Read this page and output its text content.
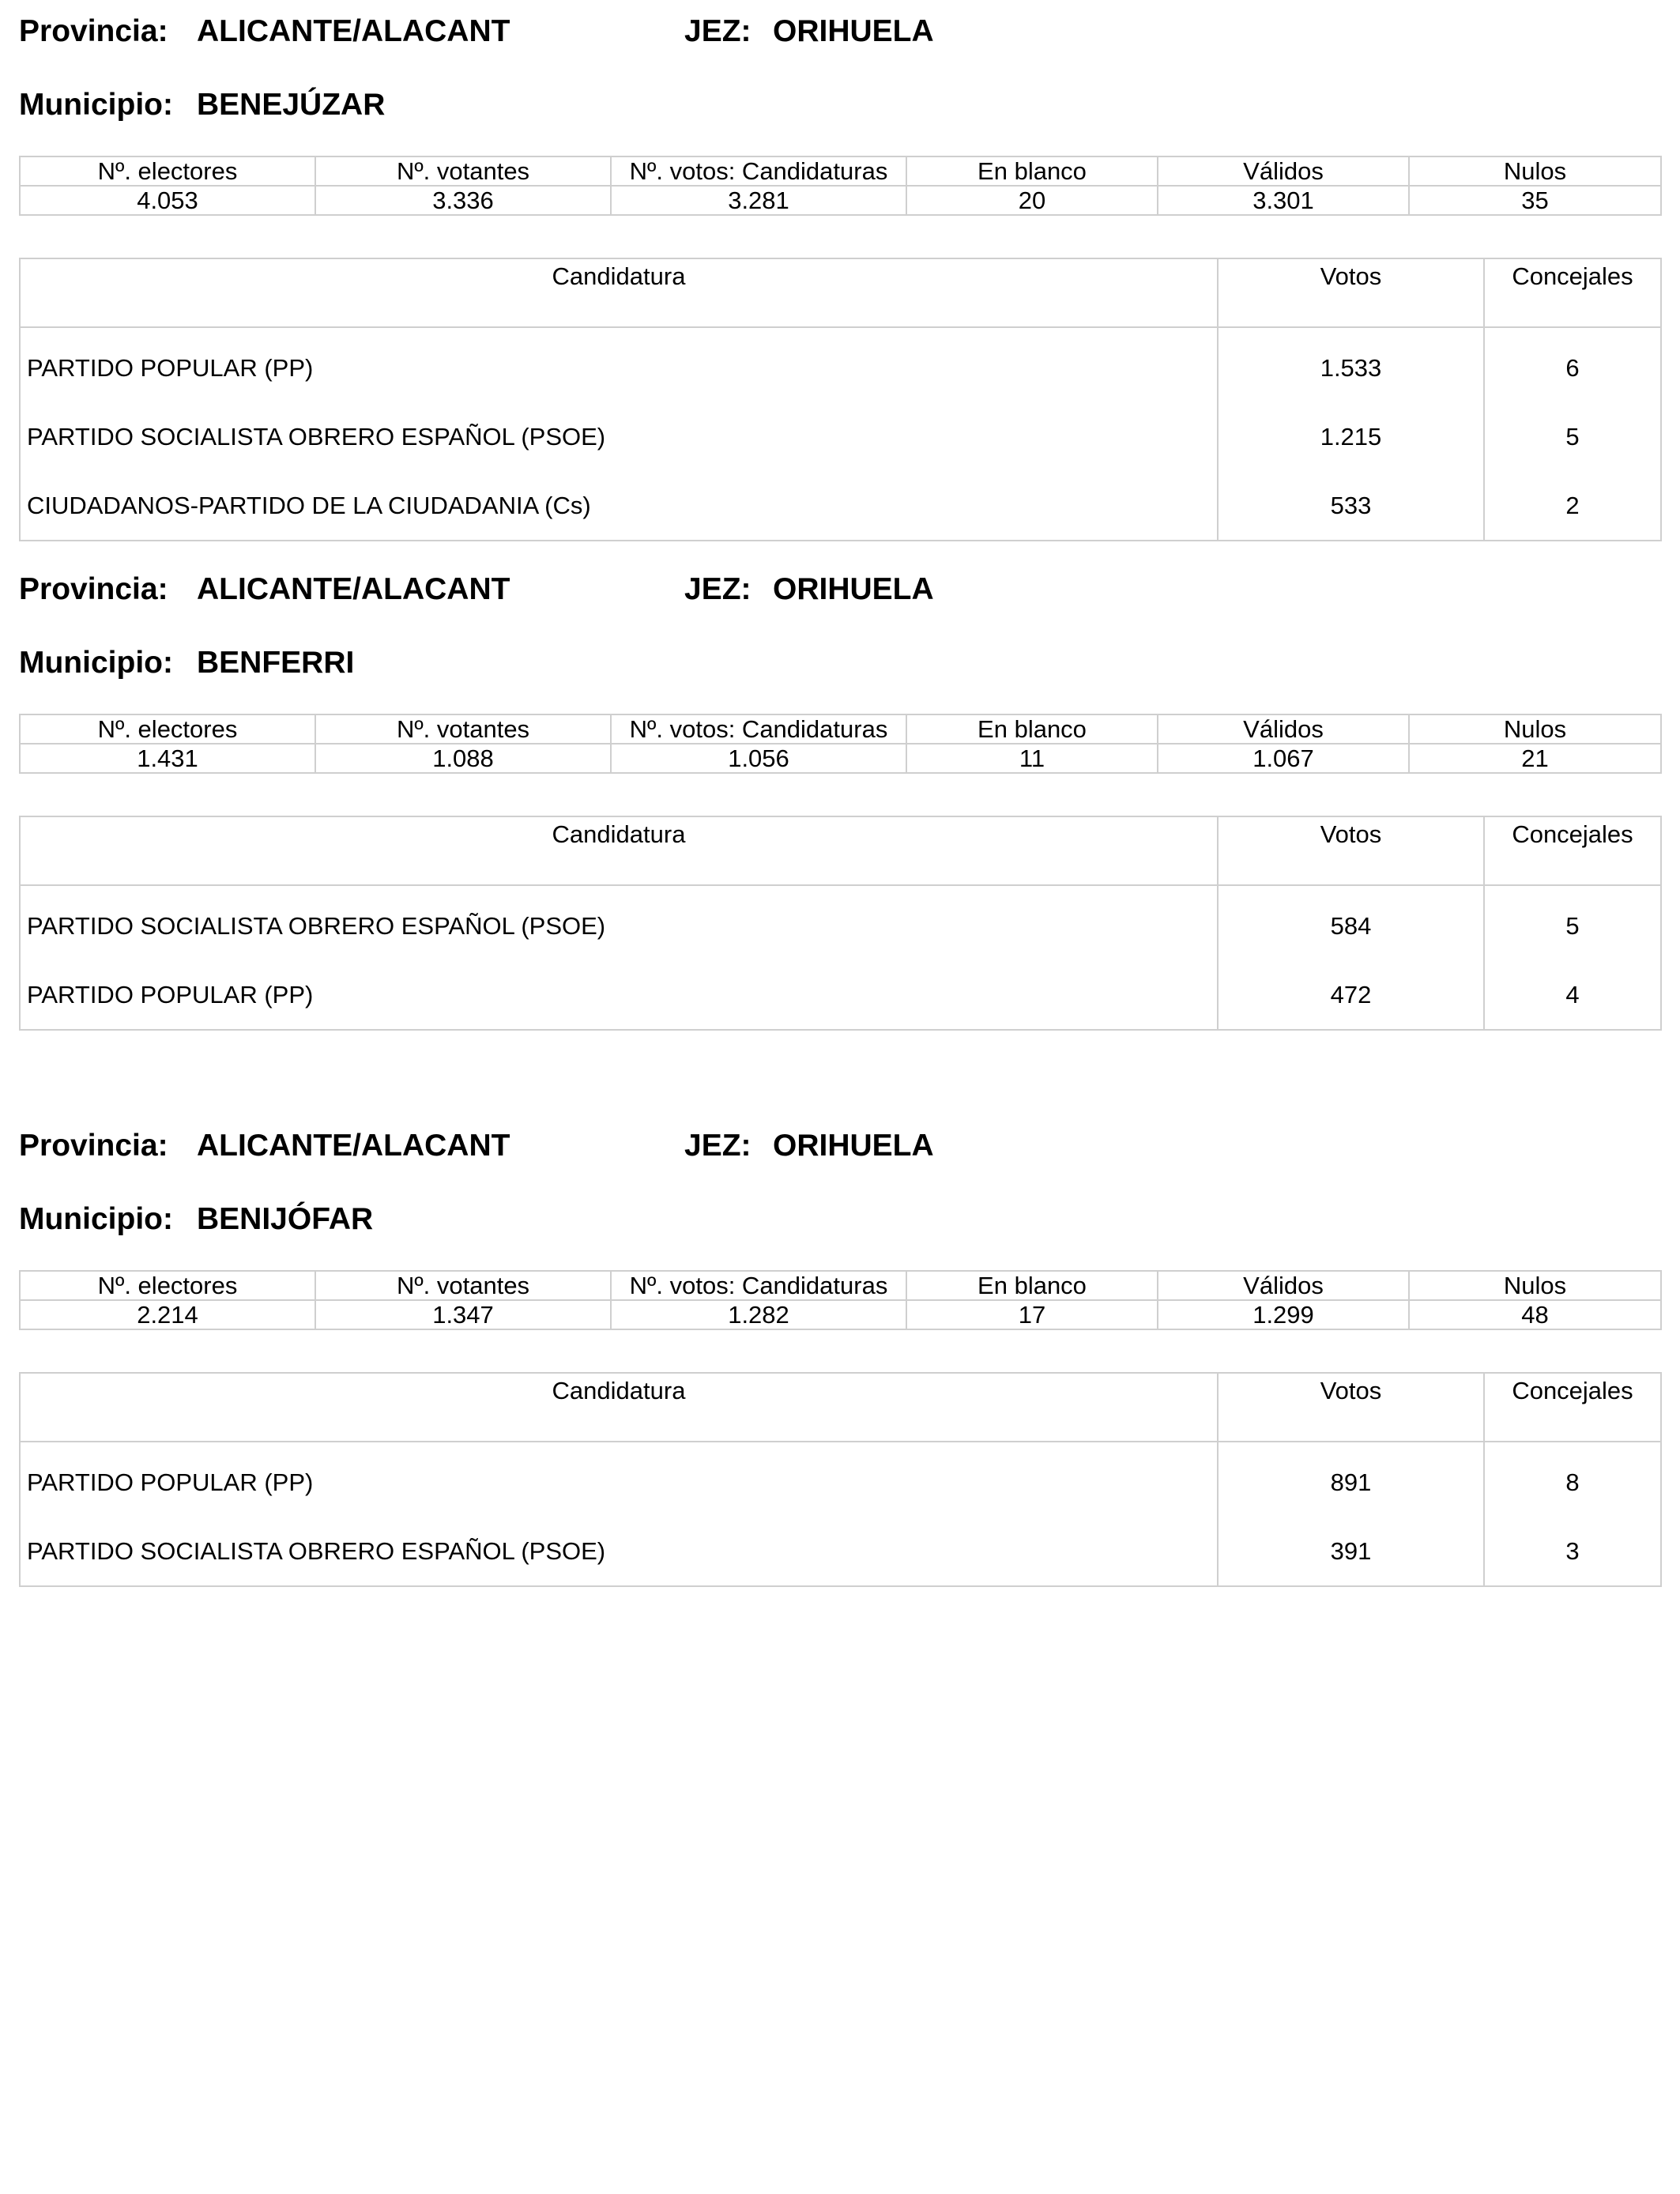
Provincia: ALICANTE/ALACANT	JEZ: ORIHUELA
Municipio: BENEJÚZAR
Nº. electores	Nº. votantes	Nº. votos: Candidaturas	En blanco	Válidos	Nulos
4.053	3.336	3.281	20	3.301	35
Candidatura	Votos	Concejales
PARTIDO POPULAR (PP)	1.533	6
PARTIDO SOCIALISTA OBRERO ESPAÑOL (PSOE)	1.215	5
CIUDADANOS-PARTIDO DE LA CIUDADANIA (Cs)	533	2
Provincia: ALICANTE/ALACANT	JEZ: ORIHUELA
Municipio: BENFERRI
Nº. electores	Nº. votantes	Nº. votos: Candidaturas	En blanco	Válidos	Nulos
1.431	1.088	1.056	11	1.067	21
Candidatura	Votos	Concejales
PARTIDO SOCIALISTA OBRERO ESPAÑOL (PSOE)	584	5
PARTIDO POPULAR (PP)	472	4
Provincia: ALICANTE/ALACANT	JEZ: ORIHUELA
Municipio: BENIJÓFAR
Nº. electores	Nº. votantes	Nº. votos: Candidaturas	En blanco	Válidos	Nulos
2.214	1.347	1.282	17	1.299	48
Candidatura	Votos	Concejales
PARTIDO POPULAR (PP)	891	8
PARTIDO SOCIALISTA OBRERO ESPAÑOL (PSOE)	391	3
